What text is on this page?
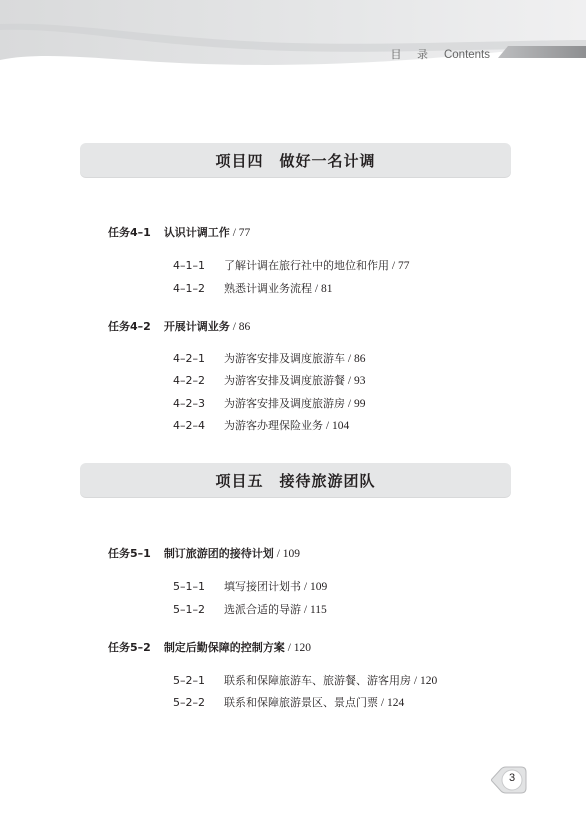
目 录 Contents
项目四　做好一名计调
任务4–1 认识计调工作 / 77
4–1–1 了解计调在旅行社中的地位和作用 / 77
4–1–2 熟悉计调业务流程 / 81
任务4–2 开展计调业务 / 86
4–2–1 为游客安排及调度旅游车 / 86
4–2–2 为游客安排及调度旅游餐 / 93
4–2–3 为游客安排及调度旅游房 / 99
4–2–4 为游客办理保险业务 / 104
项目五　接待旅游团队
任务5–1 制订旅游团的接待计划 / 109
5–1–1 填写接团计划书 / 109
5–1–2 选派合适的导游 / 115
任务5–2 制定后勤保障的控制方案 / 120
5–2–1 联系和保障旅游车、旅游餐、游客用房 / 120
5–2–2 联系和保障旅游景区、景点门票 / 124
3
